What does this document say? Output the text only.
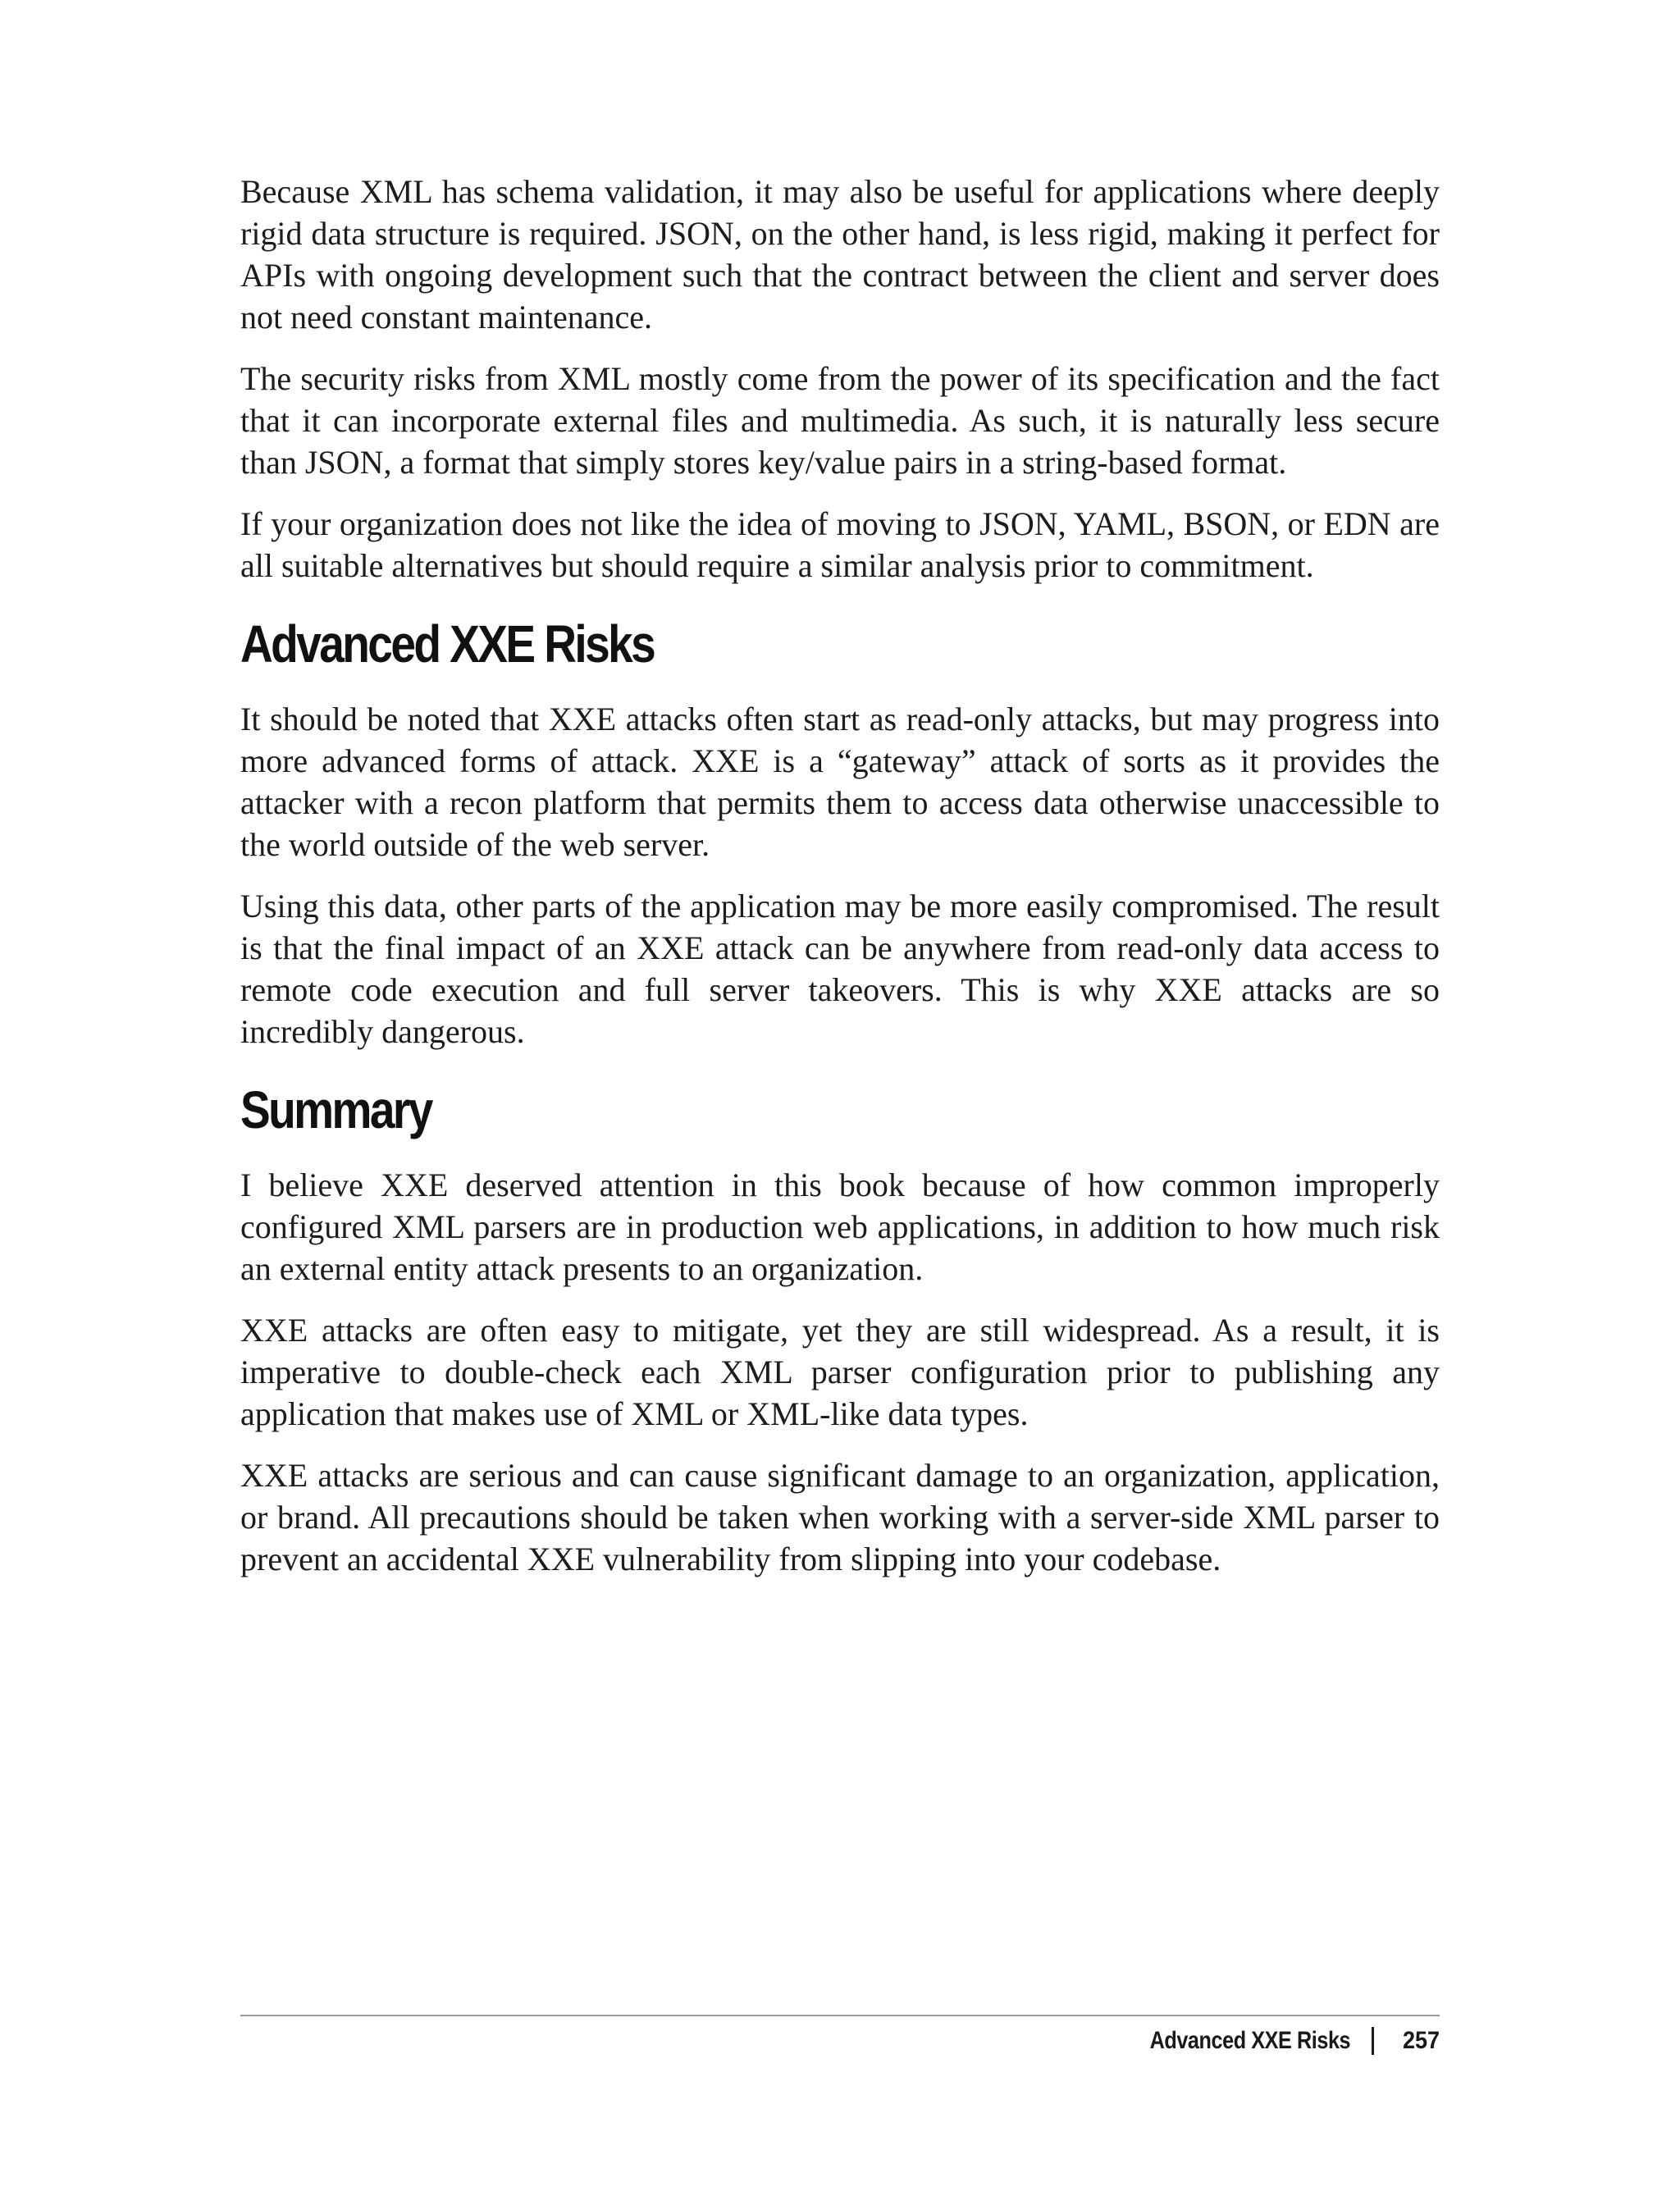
Because XML has schema validation, it may also be useful for applications where deeply rigid data structure is required. JSON, on the other hand, is less rigid, making it perfect for APIs with ongoing development such that the contract between the client and server does not need constant maintenance.

The security risks from XML mostly come from the power of its specification and the fact that it can incorporate external files and multimedia. As such, it is naturally less secure than JSON, a format that simply stores key/value pairs in a string-based format.

If your organization does not like the idea of moving to JSON, YAML, BSON, or EDN are all suitable alternatives but should require a similar analysis prior to commitment.

Advanced XXE Risks

It should be noted that XXE attacks often start as read-only attacks, but may progress into more advanced forms of attack. XXE is a “gateway” attack of sorts as it provides the attacker with a recon platform that permits them to access data otherwise unaccessible to the world outside of the web server.

Using this data, other parts of the application may be more easily compromised. The result is that the final impact of an XXE attack can be anywhere from read-only data access to remote code execution and full server takeovers. This is why XXE attacks are so incredibly dangerous.

Summary

I believe XXE deserved attention in this book because of how common improperly configured XML parsers are in production web applications, in addition to how much risk an external entity attack presents to an organization.

XXE attacks are often easy to mitigate, yet they are still widespread. As a result, it is imperative to double-check each XML parser configuration prior to publishing any application that makes use of XML or XML-like data types.

XXE attacks are serious and can cause significant damage to an organization, application, or brand. All precautions should be taken when working with a server-side XML parser to prevent an accidental XXE vulnerability from slipping into your codebase.

Advanced XXE Risks 257
